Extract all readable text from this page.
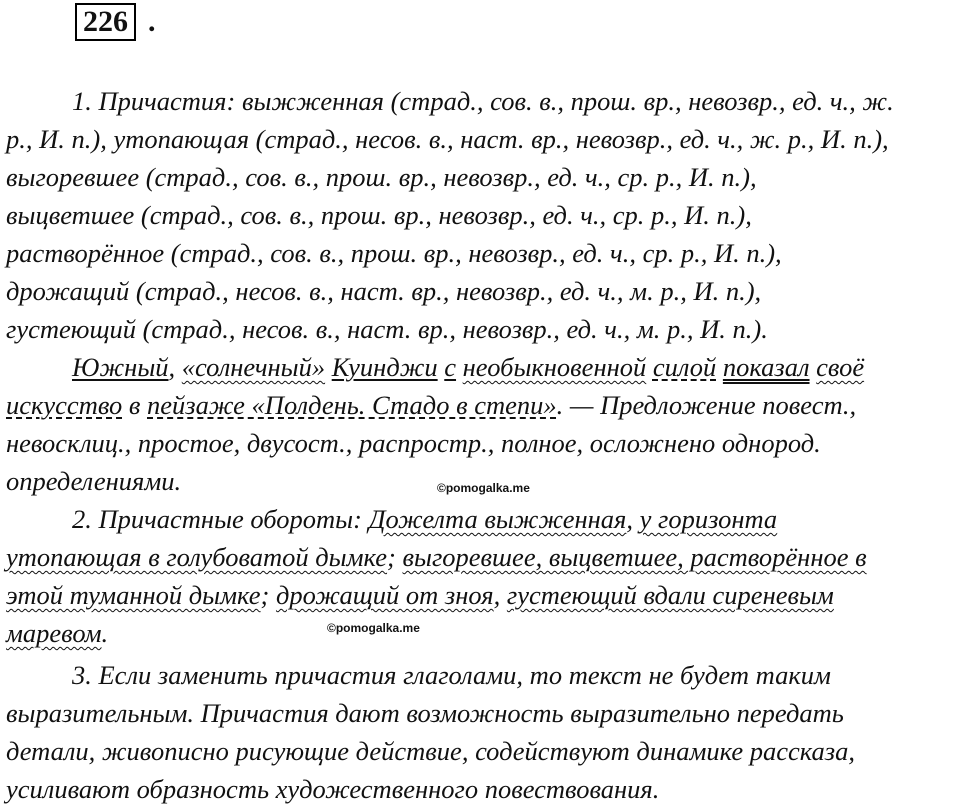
226 .
1. Причастия: выжженная (страд., сов. в., прош. вр., невозвр., ед. ч., ж.
р., И. п.), утопающая (страд., несов. в., наст. вр., невозвр., ед. ч., ж. р., И. п.),
выгоревшее (страд., сов. в., прош. вр., невозвр., ед. ч., ср. р., И. п.),
выцветшее (страд., сов. в., прош. вр., невозвр., ед. ч., ср. р., И. п.),
растворённое (страд., сов. в., прош. вр., невозвр., ед. ч., ср. р., И. п.),
дрожащий (страд., несов. в., наст. вр., невозвр., ед. ч., м. р., И. п.),
густеющий (страд., несов. в., наст. вр., невозвр., ед. ч., м. р., И. п.).
Южный, «солнечный» Куинджи с необыкновенной силой показал своё
искусство в пейзаже «Полдень. Стадо в степи». — Предложение повест.,
невосклиц., простое, двусост., распростр., полное, осложнено однород.
определениями.
2. Причастные обороты: Дожелта выжженная, у горизонта
утопающая в голубоватой дымке; выгоревшее, выцветшее, растворённое в
этой туманной дымке; дрожащий от зноя, густеющий вдали сиреневым
маревом.
3. Если заменить причастия глаголами, то текст не будет таким
выразительным. Причастия дают возможность выразительно передать
детали, живописно рисующие действие, содействуют динамике рассказа,
усиливают образность художественного повествования.
©pomogalka.me
©pomogalka.me
